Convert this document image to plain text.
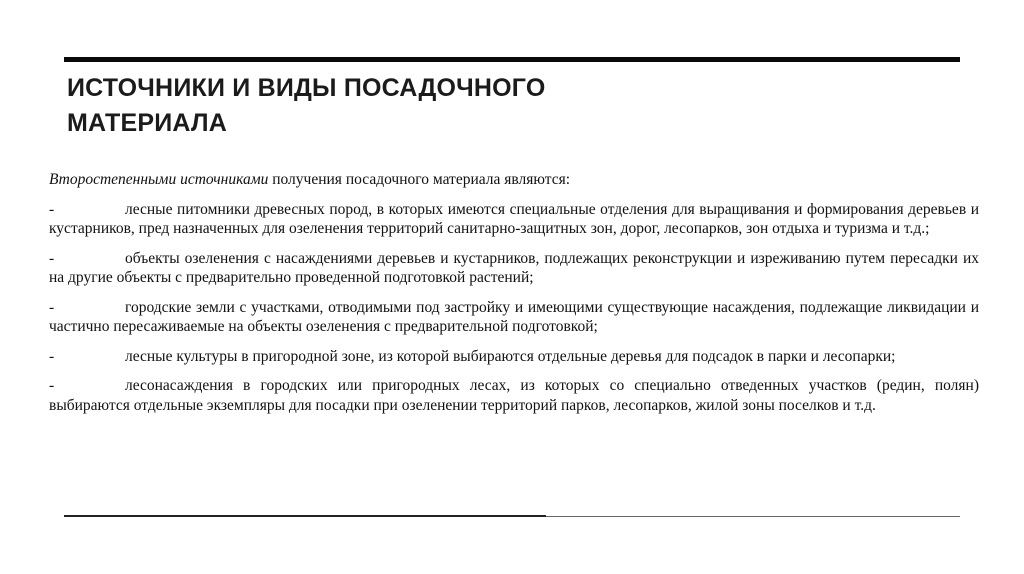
ИСТОЧНИКИ И ВИДЫ ПОСАДОЧНОГО
МАТЕРИАЛА

Второстепенными источниками получения посадочного материала являются:

-	лесные питомники древесных пород, в которых имеются специальные отделения для выращивания и формирования деревьев и кустарников, пред назначенных для озеленения территорий санитарно-защитных зон, дорог, лесопарков, зон отдыха и туризма и т.д.;

-	объекты озеленения с насаждениями деревьев и кустарников, подлежащих реконструкции и изреживанию путем пересадки их на другие объекты с предварительно проведенной подготовкой растений;

-	городские земли с участками, отводимыми под застройку и имеющими существующие насаждения, подлежащие ликвидации и частично пересаживаемые на объекты озеленения с предварительной подготовкой;

-	лесные культуры в пригородной зоне, из которой выбираются отдельные деревья для подсадок в парки и лесопарки;

-	лесонасаждения в городских или пригородных лесах, из которых со специально отведенных участков (редин, полян) выбираются отдельные экземпляры для посадки при озеленении территорий парков, лесопарков, жилой зоны поселков и т.д.
